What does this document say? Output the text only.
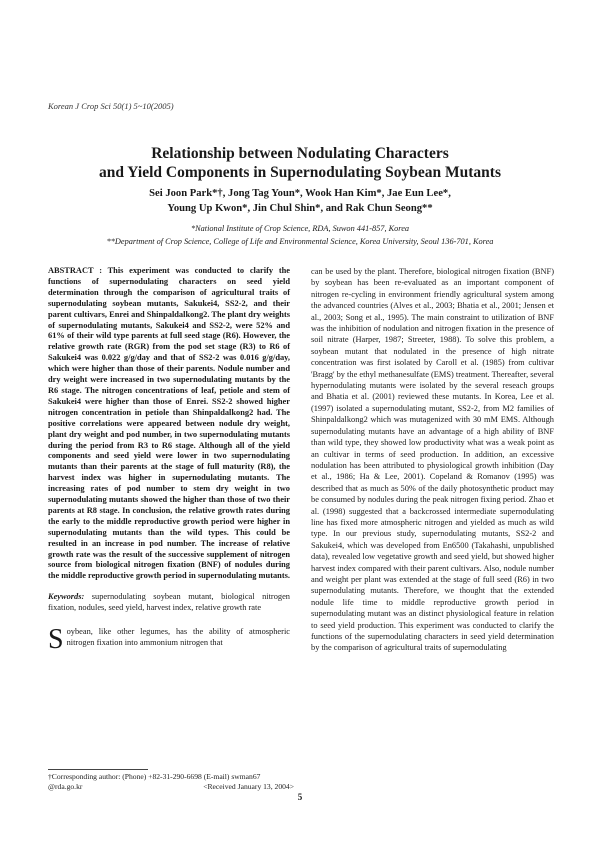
Korean J Crop Sci 50(1) 5~10(2005)
Relationship between Nodulating Characters
and Yield Components in Supernodulating Soybean Mutants
Sei Joon Park*†, Jong Tag Youn*, Wook Han Kim*, Jae Eun Lee*,
Young Up Kwon*, Jin Chul Shin*, and Rak Chun Seong**
*National Institute of Crop Science, RDA, Suwon 441-857, Korea
**Department of Crop Science, College of Life and Environmental Science, Korea University, Seoul 136-701, Korea

ABSTRACT : This experiment was conducted to clarify the functions of supernodulating characters on seed yield determination through the comparison of agricultural traits of supernodulating soybean mutants, Sakukei4, SS2-2, and their parent cultivars, Enrei and Shinpaldalkong2. The plant dry weights of supernodulating mutants, Sakukei4 and SS2-2, were 52% and 61% of their wild type parents at full seed stage (R6). However, the relative growth rate (RGR) from the pod set stage (R3) to R6 of Sakukei4 was 0.022 g/g/day and that of SS2-2 was 0.016 g/g/day, which were higher than those of their parents. Nodule number and dry weight were increased in two supernodulating mutants by the R6 stage. The nitrogen concentrations of leaf, petiole and stem of Sakukei4 were higher than those of Enrei. SS2-2 showed higher nitrogen concentration in petiole than Shinpaldalkong2 had. The positive correlations were appeared between nodule dry weight, plant dry weight and pod number, in two supernodulating mutants during the period from R3 to R6 stage. Although all of the yield components and seed yield were lower in two supernodulating mutants than their parents at the stage of full maturity (R8), the harvest index was higher in supernodulating mutants. The increasing rates of pod number to stem dry weight in two supernodulating mutants showed the higher than those of two their parents at R8 stage. In conclusion, the relative growth rates during the early to the middle reproductive growth period were higher in supernodulating mutants than the wild types. This could be resulted in an increase in pod number. The increase of relative growth rate was the result of the successive supplement of nitrogen source from biological nitrogen fixation (BNF) of nodules during the middle reproductive growth period in supernodulating mutants.

Keywords: supernodulating soybean mutant, biological nitrogen fixation, nodules, seed yield, harvest index, relative growth rate

Soybean, like other legumes, has the ability of atmospheric nitrogen fixation into ammonium nitrogen that

can be used by the plant. Therefore, biological nitrogen fixation (BNF) by soybean has been re-evaluated as an important component of nitrogen re-cycling in environment friendly agricultural system among the advanced countries (Alves et al., 2003; Bhatia et al., 2001; Jensen et al., 2003; Song et al., 1995). The main constraint to utilization of BNF was the inhibition of nodulation and nitrogen fixation in the presence of soil nitrate (Harper, 1987; Streeter, 1988). To solve this problem, a soybean mutant that nodulated in the presence of high nitrate concentration was first isolated by Caroll et al. (1985) from cultivar 'Bragg' by the ethyl methanesulfate (EMS) treatment. Thereafter, several hypernodulating mutants were isolated by the several reseach groups and Bhatia et al. (2001) reviewed these mutants. In Korea, Lee et al. (1997) isolated a supernodulating mutant, SS2-2, from M2 families of Shinpaldalkong2 which was mutagenized with 30 mM EMS. Although supernodulating mutants have an advantage of a high ability of BNF than wild type, they showed low productivity what was a weak point as an cultivar in terms of seed production. In addition, an excessive nodulation has been attributed to physiological growth inhibition (Day et al., 1986; Ha & Lee, 2001). Copeland & Romanov (1995) was described that as much as 50% of the daily photosynthetic product may be consumed by nodules during the peak nitrogen fixing period. Zhao et al. (1998) suggested that a backcrossed intermediate supernodulating line has fixed more atmospheric nitrogen and yielded as much as wild type. In our previous study, supernodulating mutants, SS2-2 and Sakukei4, which was developed from En6500 (Takahashi, unpublished data), revealed low vegetative growth and seed yield, but showed higher harvest index compared with their parent cultivars. Also, nodule number and weight per plant was extended at the stage of full seed (R6) in two supernodulating mutants. Therefore, we thought that the extended nodule life time to middle reproductive growth period in supernodulating mutant was an distinct physiological feature in relation to seed yield production. This experiment was conducted to clarify the functions of the supernodulating characters in seed yield determination by the comparison of agricultural traits of supernodulating

†Corresponding author: (Phone) +82-31-290-6698 (E-mail) swman67
@rda.go.kr	<Received January 13, 2004>
5
